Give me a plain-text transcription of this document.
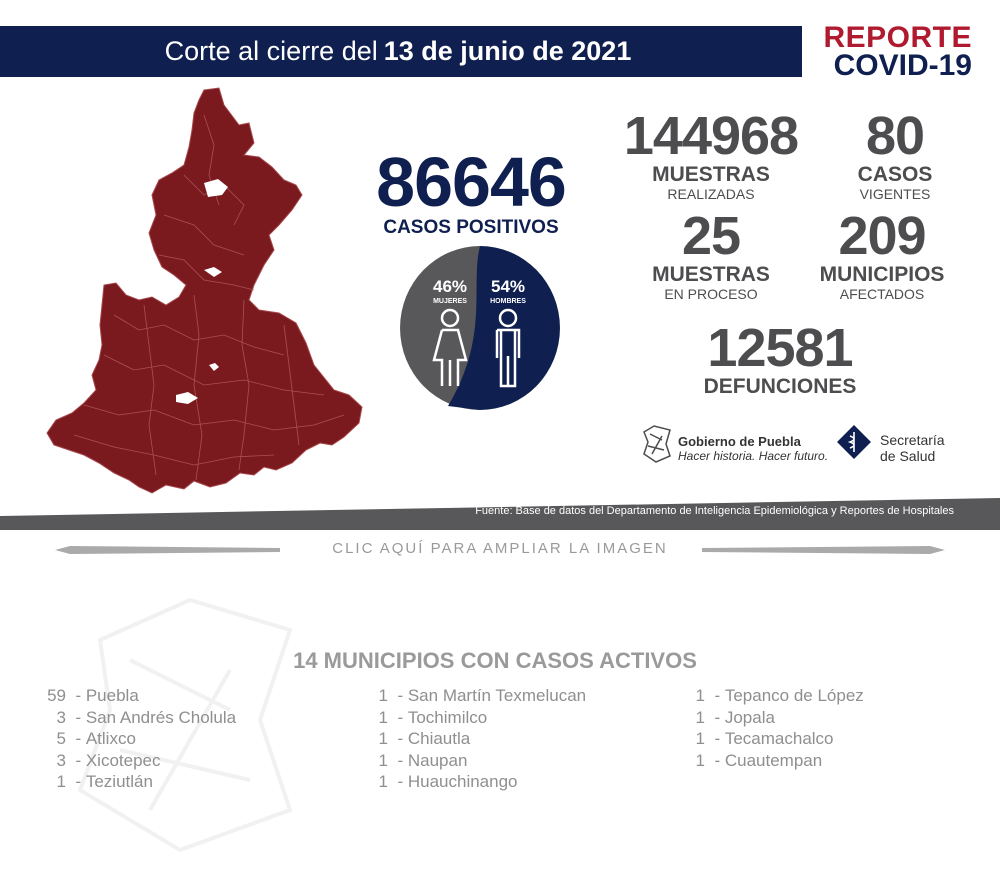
Corte al cierre del 13 de junio de 2021	REPORTE
COVID-19
86646
CASOS POSITIVOS
46%
MUJERES
54%
HOMBRES
144968
MUESTRAS
REALIZADAS
80
CASOS
VIGENTES
25
MUESTRAS
EN PROCESO
209
MUNICIPIOS
AFECTADOS
12581
DEFUNCIONES
Gobierno de Puebla
Hacer historia. Hacer futuro.
Secretaría
de Salud
Fuente: Base de datos del Departamento de Inteligencia Epidemiológica y Reportes de Hospitales
CLIC AQUÍ PARA AMPLIAR LA IMAGEN
14 MUNICIPIOS CON CASOS ACTIVOS
59 - Puebla
3 - San Andrés Cholula
5 - Atlixco
3 - Xicotepec
1 - Teziutlán
1 - San Martín Texmelucan
1 - Tochimilco
1 - Chiautla
1 - Naupan
1 - Huauchinango
1 - Tepanco de López
1 - Jopala
1 - Tecamachalco
1 - Cuautempan
